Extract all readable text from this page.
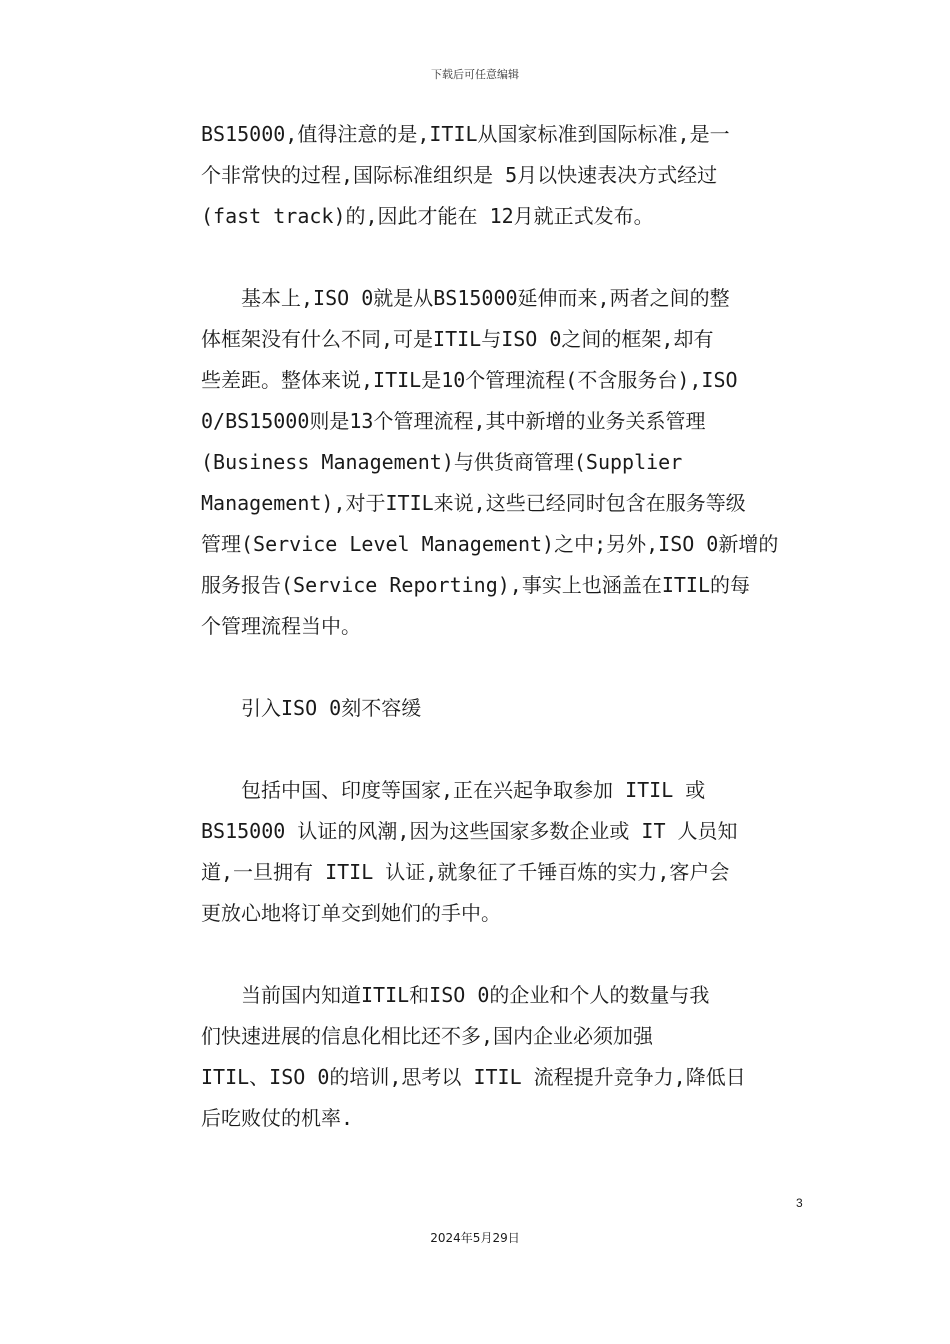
下载后可任意编辑

BS15000,值得注意的是,ITIL从国家标准到国际标准,是一
个非常快的过程,国际标准组织是 5月以快速表决方式经过
(fast track)的,因此才能在 12月就正式发布。

基本上,ISO 0就是从BS15000延伸而来,两者之间的整
体框架没有什么不同,可是ITIL与ISO 0之间的框架,却有
些差距。整体来说,ITIL是10个管理流程(不含服务台),ISO
0/BS15000则是13个管理流程,其中新增的业务关系管理
(Business Management)与供货商管理(Supplier
Management),对于ITIL来说,这些已经同时包含在服务等级
管理(Service Level Management)之中;另外,ISO 0新增的
服务报告(Service Reporting),事实上也涵盖在ITIL的每
个管理流程当中。

引入ISO 0刻不容缓

包括中国、印度等国家,正在兴起争取参加 ITIL 或
BS15000 认证的风潮,因为这些国家多数企业或 IT 人员知
道,一旦拥有 ITIL 认证,就象征了千锤百炼的实力,客户会
更放心地将订单交到她们的手中。

当前国内知道ITIL和ISO 0的企业和个人的数量与我
们快速进展的信息化相比还不多,国内企业必须加强
ITIL、ISO 0的培训,思考以 ITIL 流程提升竞争力,降低日
后吃败仗的机率.

3
2024年5月29日
